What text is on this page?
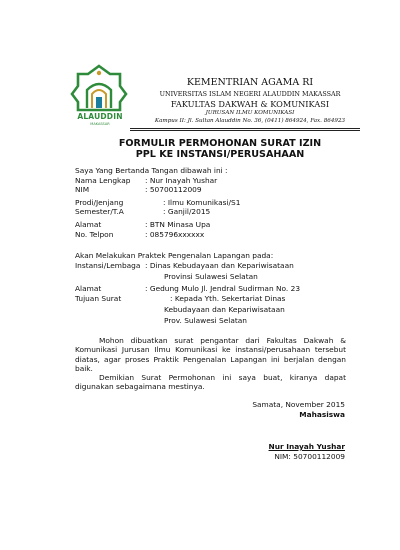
ALAUDDIN
MAKASSAR
KEMENTRIAN AGAMA RI
UNIVERSITAS ISLAM NEGERI ALAUDDIN MAKASSAR
FAKULTAS DAKWAH & KOMUNIKASI
JURUSAN ILMU KOMUNIKASI
Kampus II: Jl. Sultan Alauddin No. 36, (0411) 864924, Fax. 864923
FORMULIR PERMOHONAN SURAT IZIN
PPL KE INSTANSI/PERUSAHAAN
Saya Yang Bertanda Tangan dibawah ini :
Nama Lengkap : Nur Inayah Yushar
NIM	: 50700112009
Prodi/Jenjang	: Ilmu Komunikasi/S1
Semester/T.A	: Ganjil/2015
Alamat	: BTN Minasa Upa
No. Telpon	: 085796xxxxxx
Akan Melakukan Praktek Pengenalan Lapangan pada:
Instansi/Lembaga : Dinas Kebudayaan dan Kepariwisataan
Provinsi Sulawesi Selatan
Alamat	: Gedung Mulo Jl. Jendral Sudirman No. 23
Tujuan Surat	: Kepada Yth. Sekertariat Dinas
Kebudayaan dan Kepariwisataan
Prov. Sulawesi Selatan

Mohon dibuatkan surat pengantar dari Fakultas Dakwah & Komunikasi Jurusan Ilmu Komunikasi ke instansi/perusahaan tersebut diatas, agar proses Praktik Pengenalan Lapangan ini berjalan dengan baik.

Demikian Surat Permohonan ini saya buat, kiranya dapat digunakan sebagaimana mestinya.

Samata, November 2015
Mahasiswa
Nur Inayah Yushar
NIM: 50700112009
